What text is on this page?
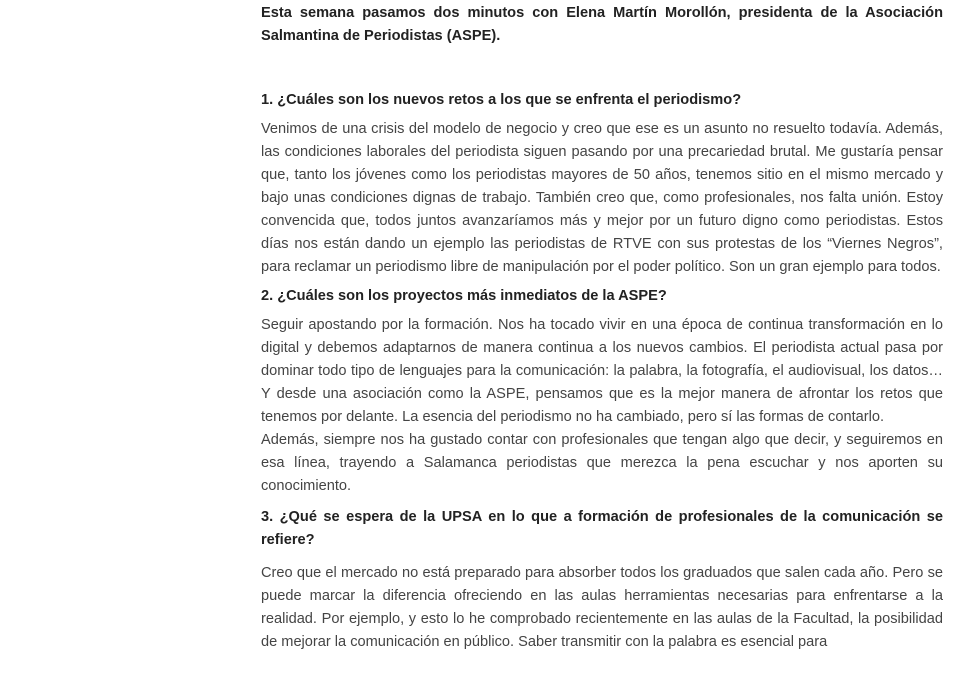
Esta semana pasamos dos minutos con Elena Martín Morollón, presidenta de la Asociación Salmantina de Periodistas (ASPE).

1. ¿Cuáles son los nuevos retos a los que se enfrenta el periodismo?

Venimos de una crisis del modelo de negocio y creo que ese es un asunto no resuelto todavía. Además, las condiciones laborales del periodista siguen pasando por una precariedad brutal. Me gustaría pensar que, tanto los jóvenes como los periodistas mayores de 50 años, tenemos sitio en el mismo mercado y bajo unas condiciones dignas de trabajo. También creo que, como profesionales, nos falta unión. Estoy convencida que, todos juntos avanzaríamos más y mejor por un futuro digno como periodistas. Estos días nos están dando un ejemplo las periodistas de RTVE con sus protestas de los “Viernes Negros”, para reclamar un periodismo libre de manipulación por el poder político. Son un gran ejemplo para todos.

2. ¿Cuáles son los proyectos más inmediatos de la ASPE?

Seguir apostando por la formación. Nos ha tocado vivir en una época de continua transformación en lo digital y debemos adaptarnos de manera continua a los nuevos cambios. El periodista actual pasa por dominar todo tipo de lenguajes para la comunicación: la palabra, la fotografía, el audiovisual, los datos… Y desde una asociación como la ASPE, pensamos que es la mejor manera de afrontar los retos que tenemos por delante. La esencia del periodismo no ha cambiado, pero sí las formas de contarlo.

Además, siempre nos ha gustado contar con profesionales que tengan algo que decir, y seguiremos en esa línea, trayendo a Salamanca periodistas que merezca la pena escuchar y nos aporten su conocimiento.

3. ¿Qué se espera de la UPSA en lo que a formación de profesionales de la comunicación se refiere?

Creo que el mercado no está preparado para absorber todos los graduados que salen cada año. Pero se puede marcar la diferencia ofreciendo en las aulas herramientas necesarias para enfrentarse a la realidad. Por ejemplo, y esto lo he comprobado recientemente en las aulas de la Facultad, la posibilidad de mejorar la comunicación en público. Saber transmitir con la palabra es esencial para
